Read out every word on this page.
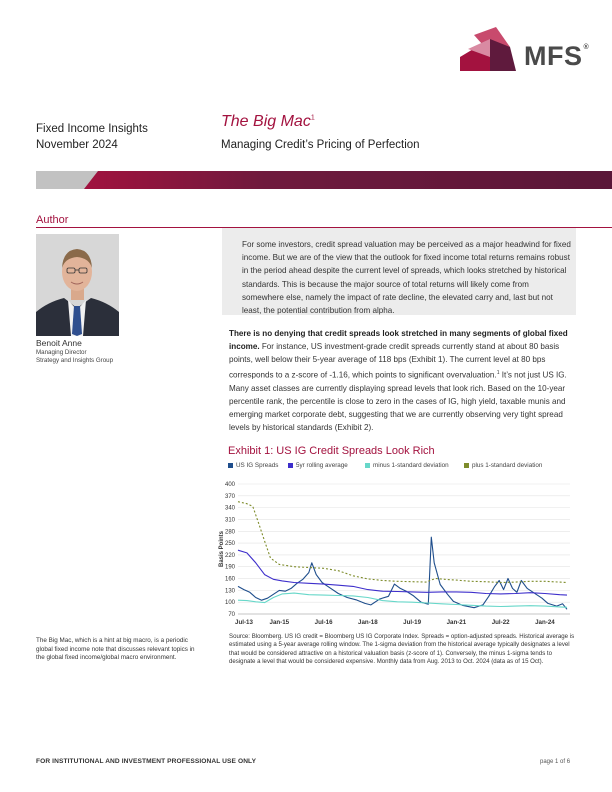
MFS®
Fixed Income Insights
November 2024
The Big Mac$^1$
Managing Credit’s Pricing of Perfection
Author
Benoit Anne
Managing Director
Strategy and Insights Group
For some investors, credit spread valuation may be perceived as a major headwind for fixed income. But we are of the view that the outlook for fixed income total returns remains robust in the period ahead despite the current level of spreads, which looks stretched by historical standards. This is because the major source of total returns will likely come from somewhere else, namely the impact of rate decline, the elevated carry and, last but not least, the potential contribution from alpha.
There is no denying that credit spreads look stretched in many segments of global fixed income. For instance, US investment-grade credit spreads currently stand at about 80 basis points, well below their 5-year average of 118 bps (Exhibit 1). The current level at 80 bps corresponds to a z-score of -1.16, which points to significant overvaluation.$^1$ It’s not just US IG. Many asset classes are currently displaying spread levels that look rich. Based on the 10-year percentile rank, the percentile is close to zero in the cases of IG, high yield, taxable munis and emerging market corporate debt, suggesting that we are currently observing very tight spread levels by historical standards (Exhibit 2).
Exhibit 1: US IG Credit Spreads Look Rich
US IG Spreads	5yr rolling average	minus 1-standard deviation	plus 1-standard deviation
70
100
130
160
190
220
250
280
310
340
370
400
Jul-13	Jan-15	Jul-16	Jan-18	Jul-19	Jan-21	Jul-22	Jan-24
Basis Points
Source: Bloomberg. US IG credit = Bloomberg US IG Corporate Index. Spreads = option-adjusted spreads. Historical average is estimated using a 5-year average rolling window. The 1-sigma deviation from the historical average typically designates a level that would be considered attractive on a historical valuation basis (z-score of 1). Conversely, the minus 1-sigma tends to designate a level that would be considered expensive. Monthly data from Aug. 2013 to Oct. 2024 (data as of 15 Oct).
The Big Mac, which is a hint at big macro, is a periodic global fixed income note that discusses relevant topics in the global fixed income/global macro environment.
FOR INSTITUTIONAL AND INVESTMENT PROFESSIONAL USE ONLY	page 1 of 6
